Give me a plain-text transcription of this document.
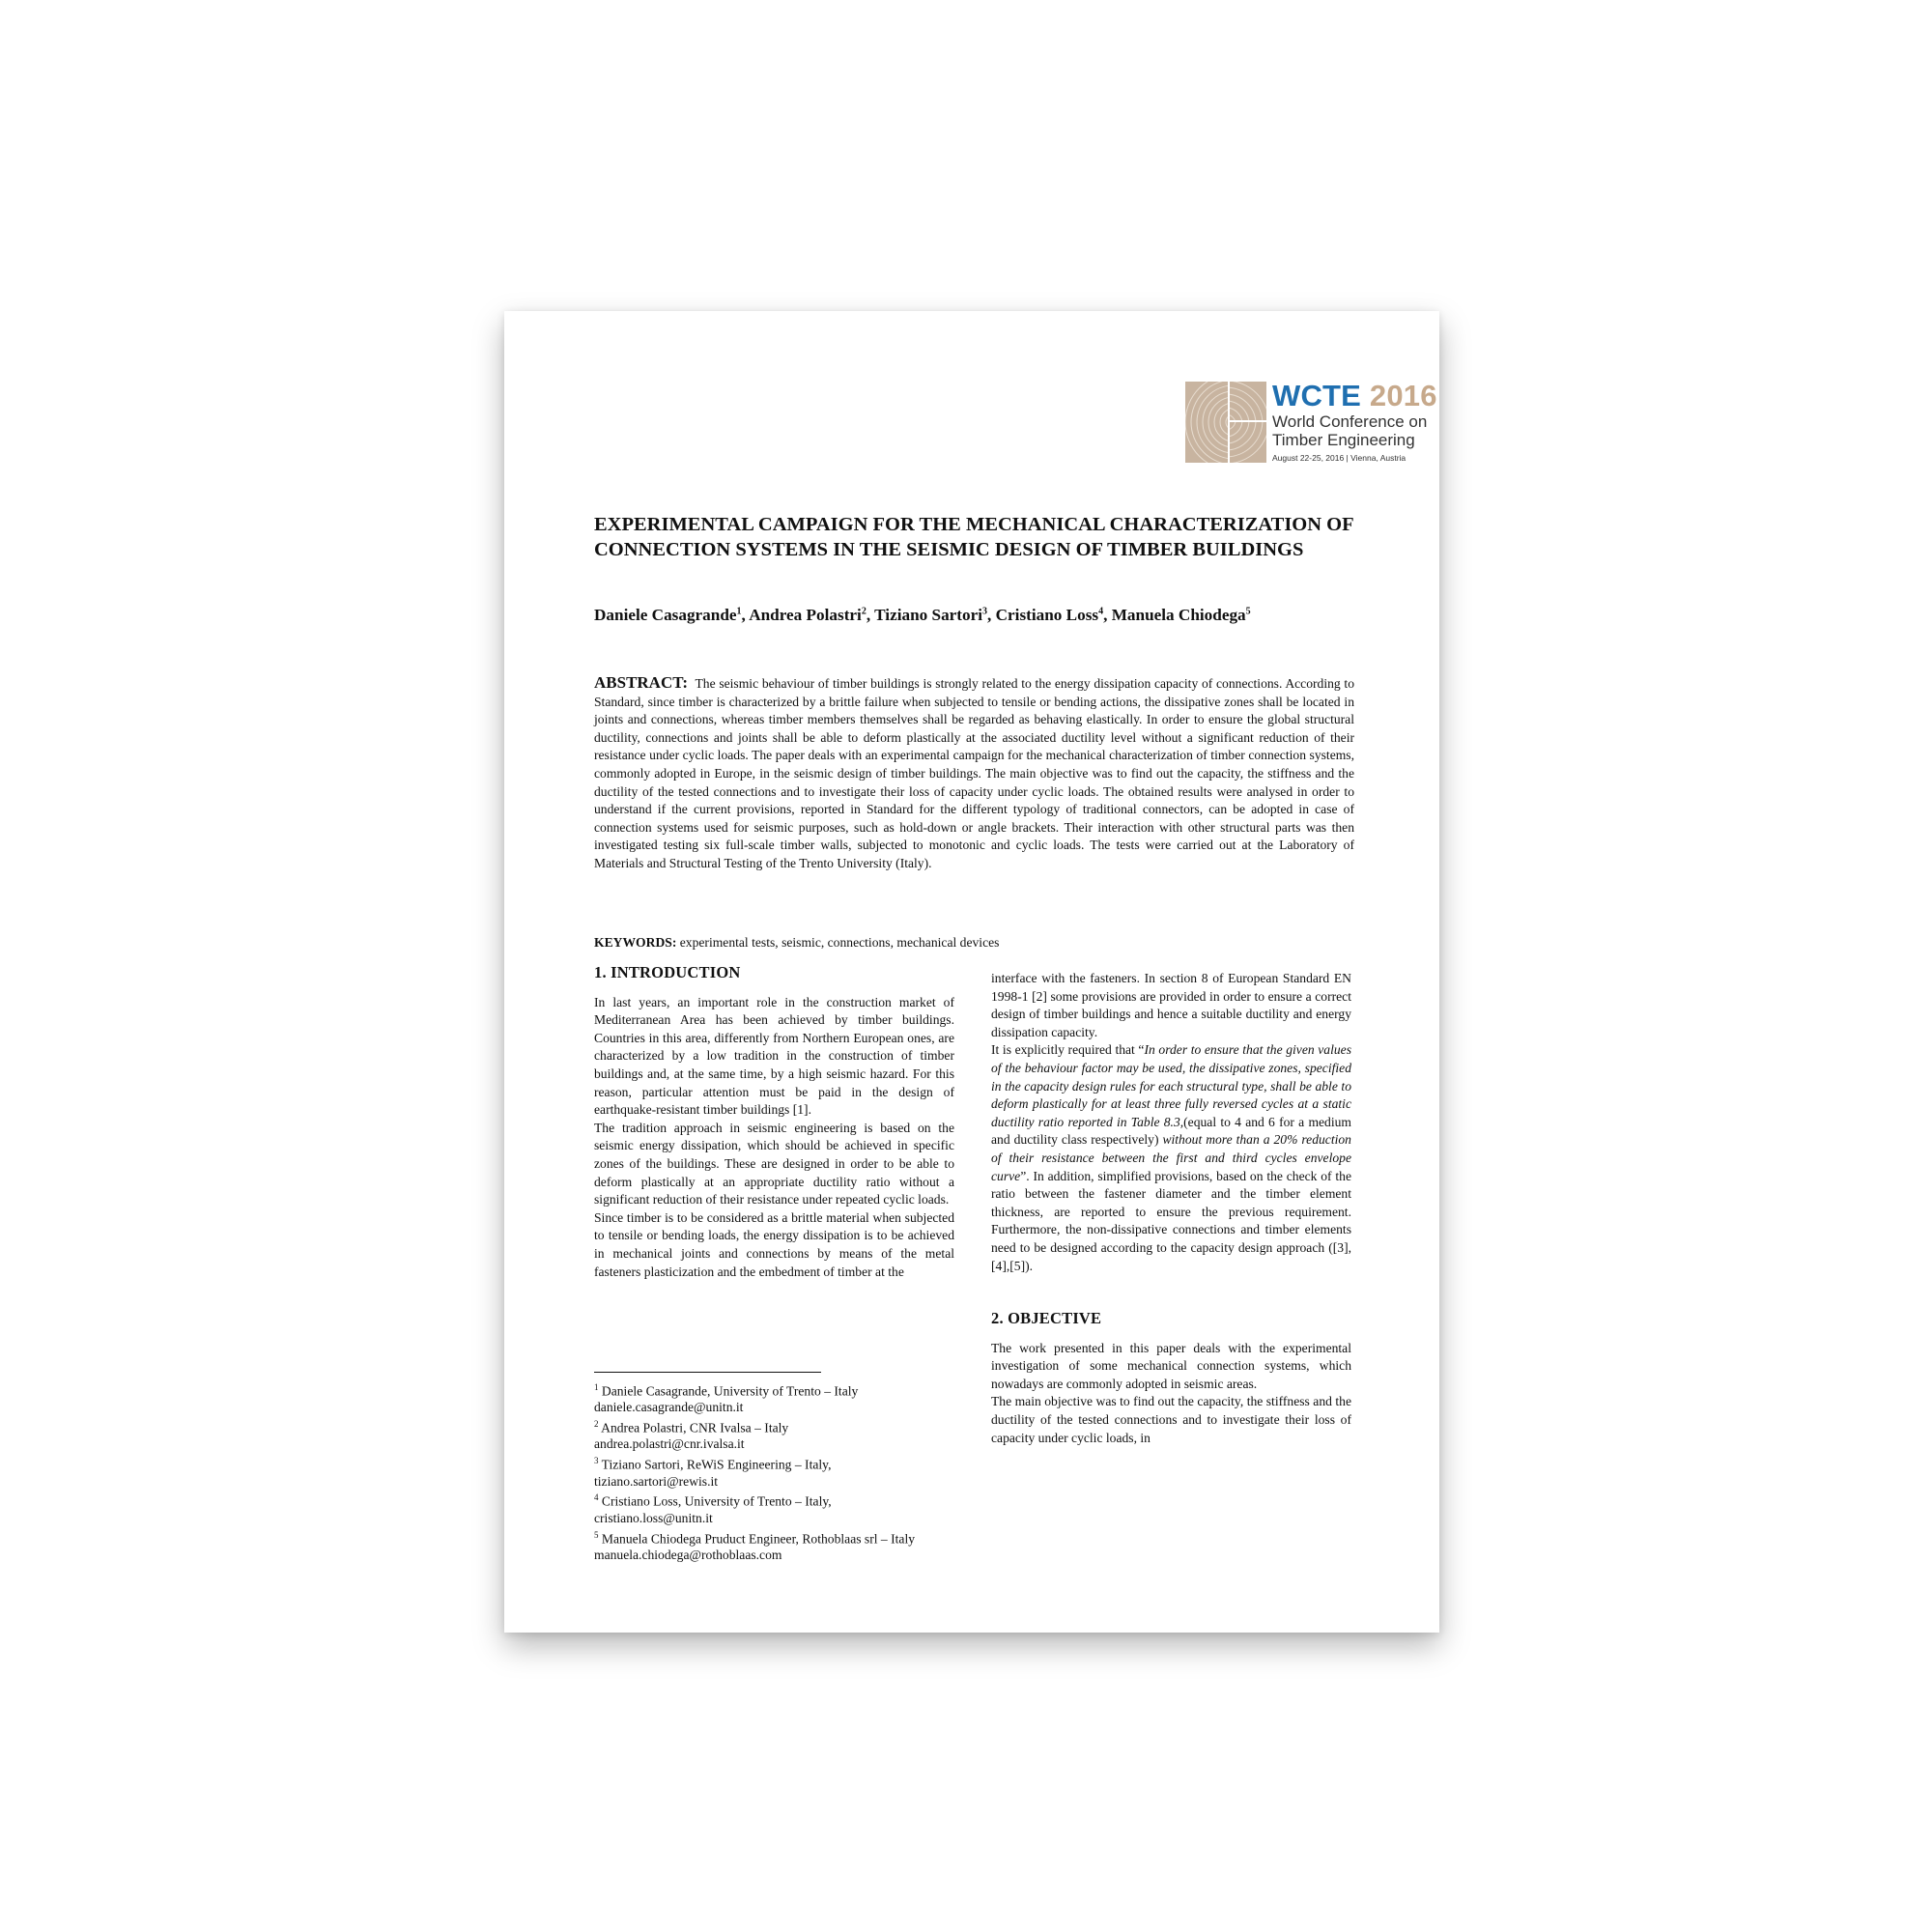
WCTE 2016
World Conference on
Timber Engineering
August 22-25, 2016 | Vienna, Austria
EXPERIMENTAL CAMPAIGN FOR THE MECHANICAL CHARACTERIZATION OF CONNECTION SYSTEMS IN THE SEISMIC DESIGN OF TIMBER BUILDINGS
Daniele Casagrande$^1$, Andrea Polastri$^2$, Tiziano Sartori$^3$, Cristiano Loss$^4$, Manuela Chiodega$^5$
ABSTRACT: The seismic behaviour of timber buildings is strongly related to the energy dissipation capacity of connections. According to Standard, since timber is characterized by a brittle failure when subjected to tensile or bending actions, the dissipative zones shall be located in joints and connections, whereas timber members themselves shall be regarded as behaving elastically. In order to ensure the global structural ductility, connections and joints shall be able to deform plastically at the associated ductility level without a significant reduction of their resistance under cyclic loads. The paper deals with an experimental campaign for the mechanical characterization of timber connection systems, commonly adopted in Europe, in the seismic design of timber buildings. The main objective was to find out the capacity, the stiffness and the ductility of the tested connections and to investigate their loss of capacity under cyclic loads. The obtained results were analysed in order to understand if the current provisions, reported in Standard for the different typology of traditional connectors, can be adopted in case of connection systems used for seismic purposes, such as hold-down or angle brackets. Their interaction with other structural parts was then investigated testing six full-scale timber walls, subjected to monotonic and cyclic loads. The tests were carried out at the Laboratory of Materials and Structural Testing of the Trento University (Italy).
KEYWORDS: experimental tests, seismic, connections, mechanical devices
1. INTRODUCTION

In last years, an important role in the construction market of Mediterranean Area has been achieved by timber buildings. Countries in this area, differently from Northern European ones, are characterized by a low tradition in the construction of timber buildings and, at the same time, by a high seismic hazard. For this reason, particular attention must be paid in the design of earthquake-resistant timber buildings [1].

The tradition approach in seismic engineering is based on the seismic energy dissipation, which should be achieved in specific zones of the buildings. These are designed in order to be able to deform plastically at an appropriate ductility ratio without a significant reduction of their resistance under repeated cyclic loads.

Since timber is to be considered as a brittle material when subjected to tensile or bending loads, the energy dissipation is to be achieved in mechanical joints and connections by means of the metal fasteners plasticization and the embedment of timber at the

interface with the fasteners. In section 8 of European Standard EN 1998-1 [2] some provisions are provided in order to ensure a correct design of timber buildings and hence a suitable ductility and energy dissipation capacity.

It is explicitly required that “In order to ensure that the given values of the behaviour factor may be used, the dissipative zones, specified in the capacity design rules for each structural type, shall be able to deform plastically for at least three fully reversed cycles at a static ductility ratio reported in Table 8.3,(equal to 4 and 6 for a medium and ductility class respectively) without more than a 20% reduction of their resistance between the first and third cycles envelope curve”. In addition, simplified provisions, based on the check of the ratio between the fastener diameter and the timber element thickness, are reported to ensure the previous requirement. Furthermore, the non-dissipative connections and timber elements need to be designed according to the capacity design approach ([3],[4],[5]).

2. OBJECTIVE

The work presented in this paper deals with the experimental investigation of some mechanical connection systems, which nowadays are commonly adopted in seismic areas.

The main objective was to find out the capacity, the stiffness and the ductility of the tested connections and to investigate their loss of capacity under cyclic loads, in

$^1$ Daniele Casagrande, University of Trento – Italy
daniele.casagrande@unitn.it
$^2$ Andrea Polastri, CNR Ivalsa – Italy
andrea.polastri@cnr.ivalsa.it
$^3$ Tiziano Sartori, ReWiS Engineering – Italy,
tiziano.sartori@rewis.it
$^4$ Cristiano Loss, University of Trento – Italy,
cristiano.loss@unitn.it
$^5$ Manuela Chiodega Pruduct Engineer, Rothoblaas srl – Italy
manuela.chiodega@rothoblaas.com
